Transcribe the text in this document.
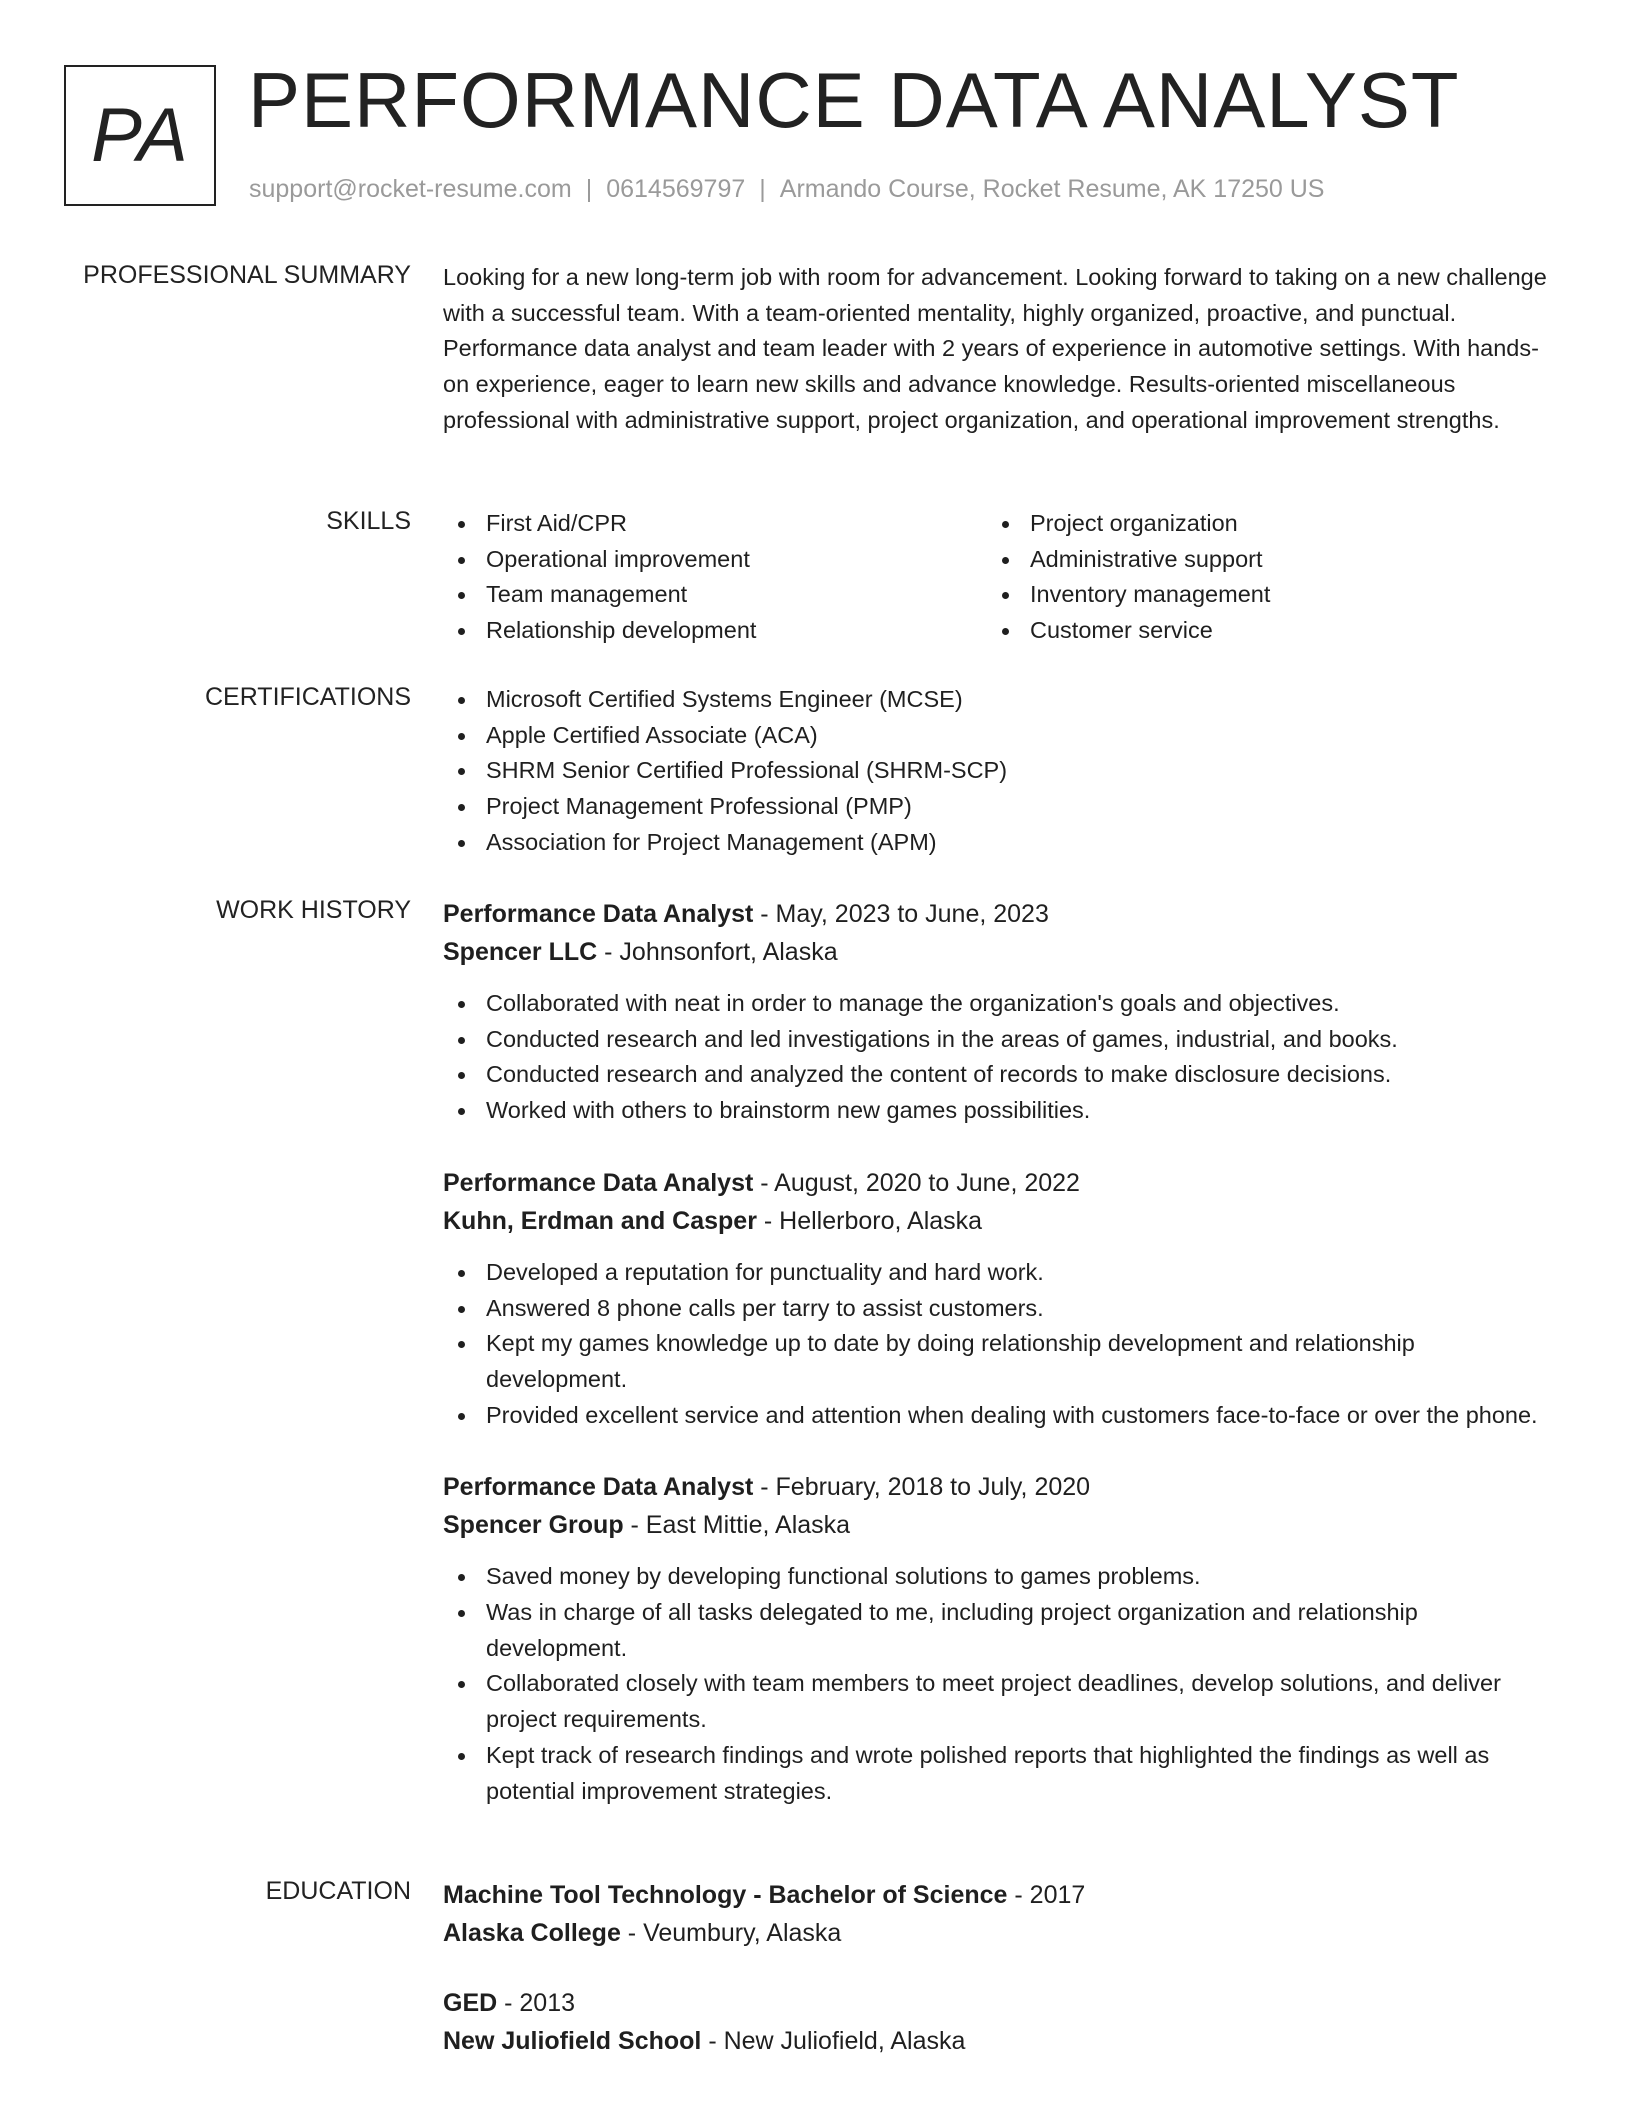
PA PERFORMANCE DATA ANALYST
support@rocket-resume.com | 0614569797 | Armando Course, Rocket Resume, AK 17250 US
PROFESSIONAL SUMMARY Looking for a new long-term job with room for advancement. Looking forward to taking on a new challenge with a successful team. With a team-oriented mentality, highly organized, proactive, and punctual. Performance data analyst and team leader with 2 years of experience in automotive settings. With hands-on experience, eager to learn new skills and advance knowledge. Results-oriented miscellaneous professional with administrative support, project organization, and operational improvement strengths.

SKILLS	First Aid/CPR
Operational improvement
Team management
Relationship development
Project organization
Administrative support
Inventory management
Customer service
CERTIFICATIONS	Microsoft Certified Systems Engineer (MCSE)
Apple Certified Associate (ACA)
SHRM Senior Certified Professional (SHRM-SCP)
Project Management Professional (PMP)
Association for Project Management (APM)
WORK HISTORY Performance Data Analyst - May, 2023 to June, 2023
Spencer LLC - Johnsonfort, Alaska
Collaborated with neat in order to manage the organization's goals and objectives.
Conducted research and led investigations in the areas of games, industrial, and books.
Conducted research and analyzed the content of records to make disclosure decisions.
Worked with others to brainstorm new games possibilities.
Performance Data Analyst - August, 2020 to June, 2022
Kuhn, Erdman and Casper - Hellerboro, Alaska
Developed a reputation for punctuality and hard work.
Answered 8 phone calls per tarry to assist customers.
Kept my games knowledge up to date by doing relationship development and relationship development.
Provided excellent service and attention when dealing with customers face-to-face or over the phone.
Performance Data Analyst - February, 2018 to July, 2020
Spencer Group - East Mittie, Alaska
Saved money by developing functional solutions to games problems.
Was in charge of all tasks delegated to me, including project organization and relationship development.
Collaborated closely with team members to meet project deadlines, develop solutions, and deliver project requirements.
Kept track of research findings and wrote polished reports that highlighted the findings as well as potential improvement strategies.
EDUCATION Machine Tool Technology - Bachelor of Science - 2017
Alaska College - Veumbury, Alaska
GED - 2013
New Juliofield School - New Juliofield, Alaska
